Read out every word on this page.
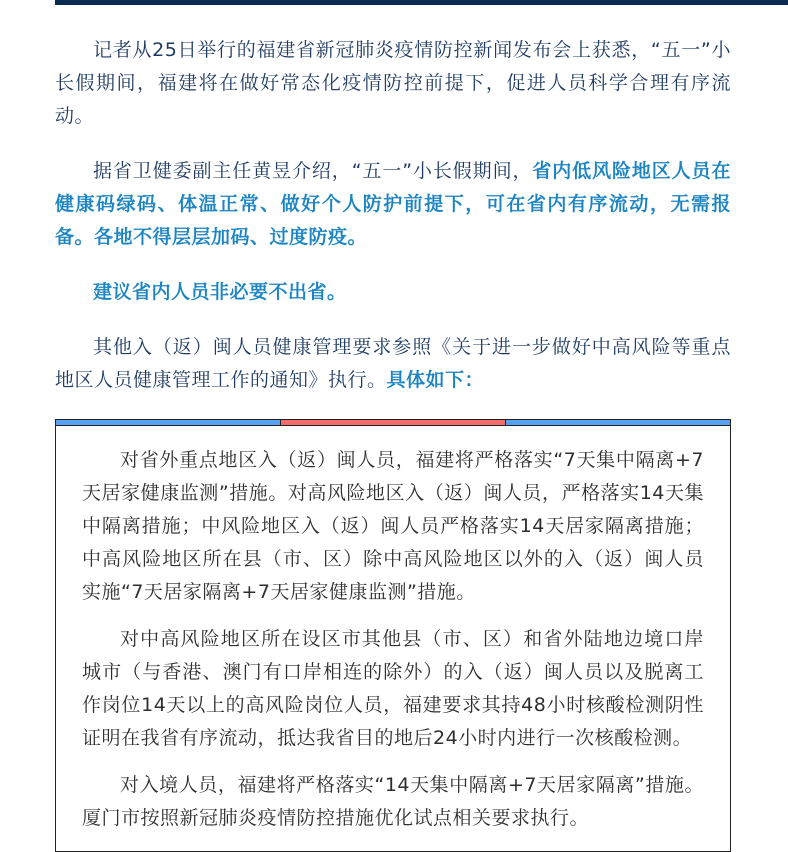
记者从25日举行的福建省新冠肺炎疫情防控新闻发布会上获悉，“五一”小长假期间，福建将在做好常态化疫情防控前提下，促进人员科学合理有序流动。

据省卫健委副主任黄昱介绍，“五一”小长假期间，省内低风险地区人员在健康码绿码、体温正常、做好个人防护前提下，可在省内有序流动，无需报备。各地不得层层加码、过度防疫。

建议省内人员非必要不出省。

其他入（返）闽人员健康管理要求参照《关于进一步做好中高风险等重点地区人员健康管理工作的通知》执行。具体如下：

对省外重点地区入（返）闽人员，福建将严格落实“7天集中隔离+7天居家健康监测”措施。对高风险地区入（返）闽人员，严格落实14天集中隔离措施；中风险地区入（返）闽人员严格落实14天居家隔离措施；中高风险地区所在县（市、区）除中高风险地区以外的入（返）闽人员实施“7天居家隔离+7天居家健康监测”措施。

对中高风险地区所在设区市其他县（市、区）和省外陆地边境口岸城市（与香港、澳门有口岸相连的除外）的入（返）闽人员以及脱离工作岗位14天以上的高风险岗位人员，福建要求其持48小时核酸检测阴性证明在我省有序流动，抵达我省目的地后24小时内进行一次核酸检测。

对入境人员，福建将严格落实“14天集中隔离+7天居家隔离”措施。厦门市按照新冠肺炎疫情防控措施优化试点相关要求执行。
